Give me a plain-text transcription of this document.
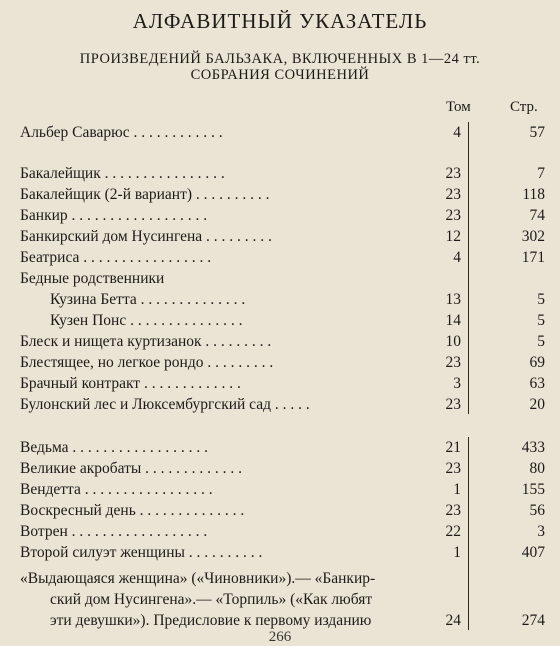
АЛФАВИТНЫЙ УКАЗАТЕЛЬ
ПРОИЗВЕДЕНИЙ БАЛЬЗАКА, ВКЛЮЧЕННЫХ В 1—24 тт.
СОБРАНИЯ СОЧИНЕНИЙ
Том	Стр.
Альбер Саварюс . . . . . . . . . . . .	4	57
Бакалейщик . . . . . . . . . . . . . . . .	23	7
Бакалейщик (2-й вариант) . . . . . . . . . .	23	118
Банкир . . . . . . . . . . . . . . . . . .	23	74
Банкирский дом Нусингена . . . . . . . . .	12	302
Беатриса . . . . . . . . . . . . . . . . .	4	171
Бедные родственники
Кузина Бетта . . . . . . . . . . . . . .	13	5
Кузен Понс . . . . . . . . . . . . . . .	14	5
Блеск и нищета куртизанок . . . . . . . . .	10	5
Блестящее, но легкое рондо . . . . . . . . .	23	69
Брачный контракт . . . . . . . . . . . . .	3	63
Булонский лес и Люксембургский сад . . . . .	23	20
Ведьма . . . . . . . . . . . . . . . . . .	21	433
Великие акробаты . . . . . . . . . . . . .	23	80
Вендетта . . . . . . . . . . . . . . . . .	1	155
Воскресный день . . . . . . . . . . . . . .	23	56
Вотрен . . . . . . . . . . . . . . . . . .	22	3
Второй силуэт женщины . . . . . . . . . .	1	407
«Выдающаяся женщина» («Чиновники»).— «Банкир-
ский дом Нусингена».— «Торпиль» («Как любят
эти девушки»). Предисловие к первому изданию	24	274
266
